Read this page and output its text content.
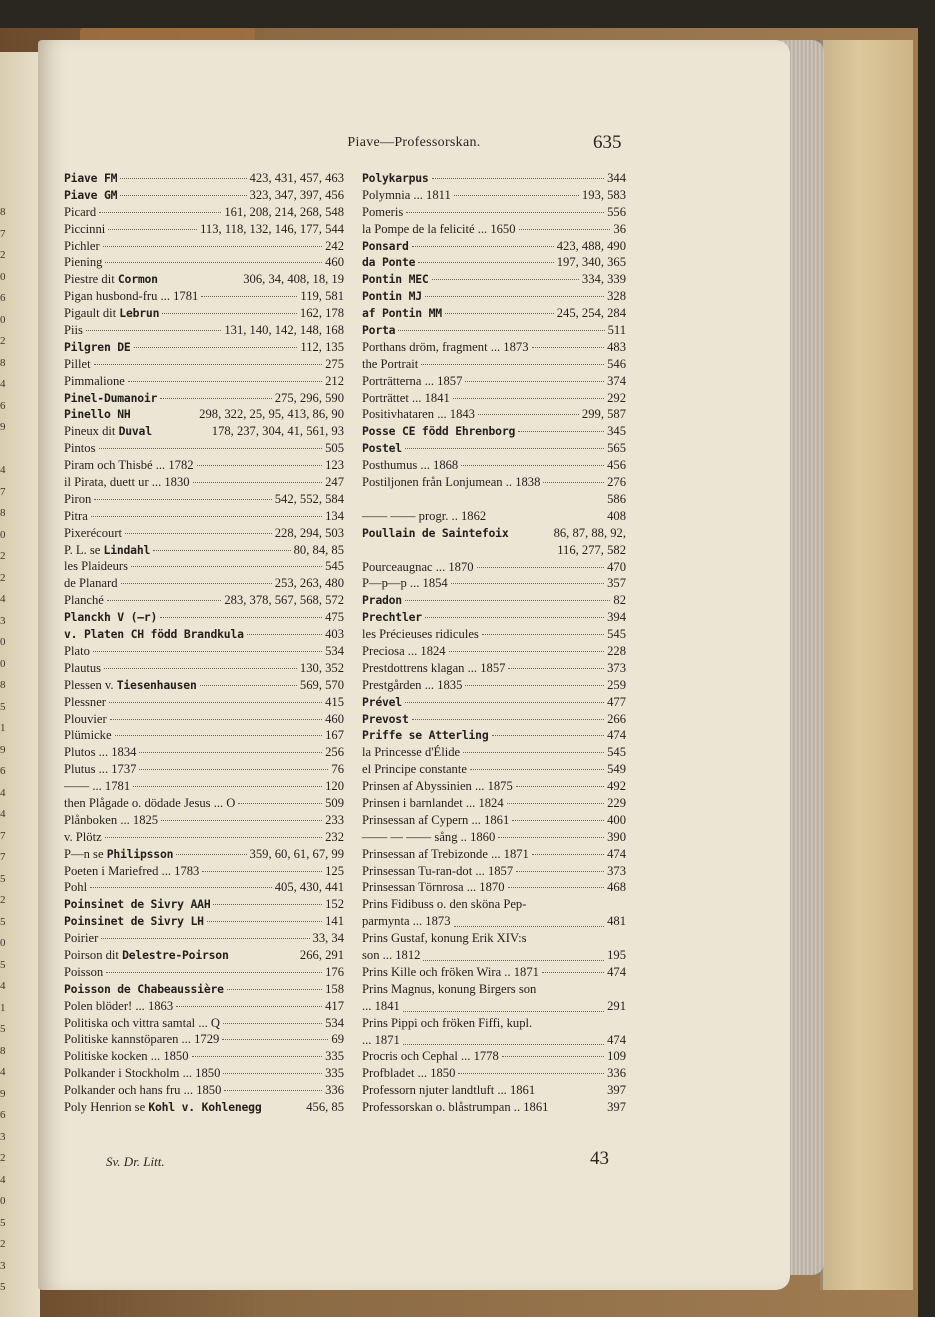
8
7
2
0
6
0
2
8
4
6
9
4
7
8
0
2
2
4
3
0
0
8
5
1
9
6
4
4
7
7
5
2
5
0
5
4
1
5
8
4
9
6
3
2
4
0
5
2
3
5
Piave—Professorskan.	635
Piave FM	423, 431, 457, 463
Piave GM	323, 347, 397, 456
Picard	161, 208, 214, 268, 548
Piccinni	113, 118, 132, 146, 177, 544
Pichler	242
Piening	460
Piestre dit Cormon	306, 34, 408, 18, 19
Pigan husbond-fru ... 1781	119, 581
Pigault dit Lebrun	162, 178
Piis	131, 140, 142, 148, 168
Pilgren DE	112, 135
Pillet	275
Pimmalione	212
Pinel-Dumanoir	275, 296, 590
Pinello NH	298, 322, 25, 95, 413, 86, 90
Pineux dit Duval	178, 237, 304, 41, 561, 93
Pintos	505
Piram och Thisbé ... 1782	123
il Pirata, duett ur ... 1830	247
Piron	542, 552, 584
Pitra	134
Pixerécourt	228, 294, 503
P. L. se Lindahl	80, 84, 85
les Plaideurs	545
de Planard	253, 263, 480
Planché	283, 378, 567, 568, 572
Planckh V (—r)	475
v. Platen CH född Brandkula	403
Plato	534
Plautus	130, 352
Plessen v. Tiesenhausen	569, 570
Plessner	415
Plouvier	460
Plümicke	167
Plutos ... 1834	256
Plutus ... 1737	76
—— ... 1781	120
then Plågade o. dödade Jesus ... O	509
Plånboken ... 1825	233
v. Plötz	232
P—n se Philipsson	359, 60, 61, 67, 99
Poeten i Mariefred ... 1783	125
Pohl	405, 430, 441
Poinsinet de Sivry AAH	152
Poinsinet de Sivry LH	141
Poirier	33, 34
Poirson dit Delestre-Poirson	266, 291
Poisson	176
Poisson de Chabeaussière	158
Polen blöder! ... 1863	417
Politiska och vittra samtal ... Q	534
Politiske kannstöparen ... 1729	69
Politiske kocken ... 1850	335
Polkander i Stockholm ... 1850	335
Polkander och hans fru ... 1850	336
Poly Henrion se Kohl v. Kohlenegg	456, 85
Polykarpus	344
Polymnia ... 1811	193, 583
Pomeris	556
la Pompe de la felicité ... 1650	36
Ponsard	423, 488, 490
da Ponte	197, 340, 365
Pontin MEC	334, 339
Pontin MJ	328
af Pontin MM	245, 254, 284
Porta	511
Porthans dröm, fragment ... 1873	483
the Portrait	546
Porträtterna ... 1857	374
Porträttet ... 1841	292
Positivhataren ... 1843	299, 587
Posse CE född Ehrenborg	345
Postel	565
Posthumus ... 1868	456
Postiljonen från Lonjumean .. 1838	276
586
—— —— progr. .. 1862	408
Poullain de Saintefoix	86, 87, 88, 92,
116, 277, 582
Pourceaugnac ... 1870	470
P—p—p ... 1854	357
Pradon	82
Prechtler	394
les Précieuses ridicules	545
Preciosa ... 1824	228
Prestdottrens klagan ... 1857	373
Prestgården ... 1835	259
Prével	477
Prevost	266
Priffe se Atterling	474
la Princesse d'Élide	545
el Principe constante	549
Prinsen af Abyssinien ... 1875	492
Prinsen i barnlandet ... 1824	229
Prinsessan af Cypern ... 1861	400
—— — —— sång .. 1860	390
Prinsessan af Trebizonde ... 1871	474
Prinsessan Tu-ran-dot ... 1857	373
Prinsessan Törnrosa ... 1870	468
Prins Fidibuss o. den sköna Pep-
parmynta ... 1873	481
Prins Gustaf, konung Erik XIV:s
son ... 1812	195
Prins Kille och fröken Wira .. 1871	474
Prins Magnus, konung Birgers son
... 1841	291
Prins Pippi och fröken Fiffi, kupl.
... 1871	474
Procris och Cephal ... 1778	109
Profbladet ... 1850	336
Professorn njuter landtluft ... 1861	397
Professorskan o. blåstrumpan .. 1861	397
Sv. Dr. Litt.	43
